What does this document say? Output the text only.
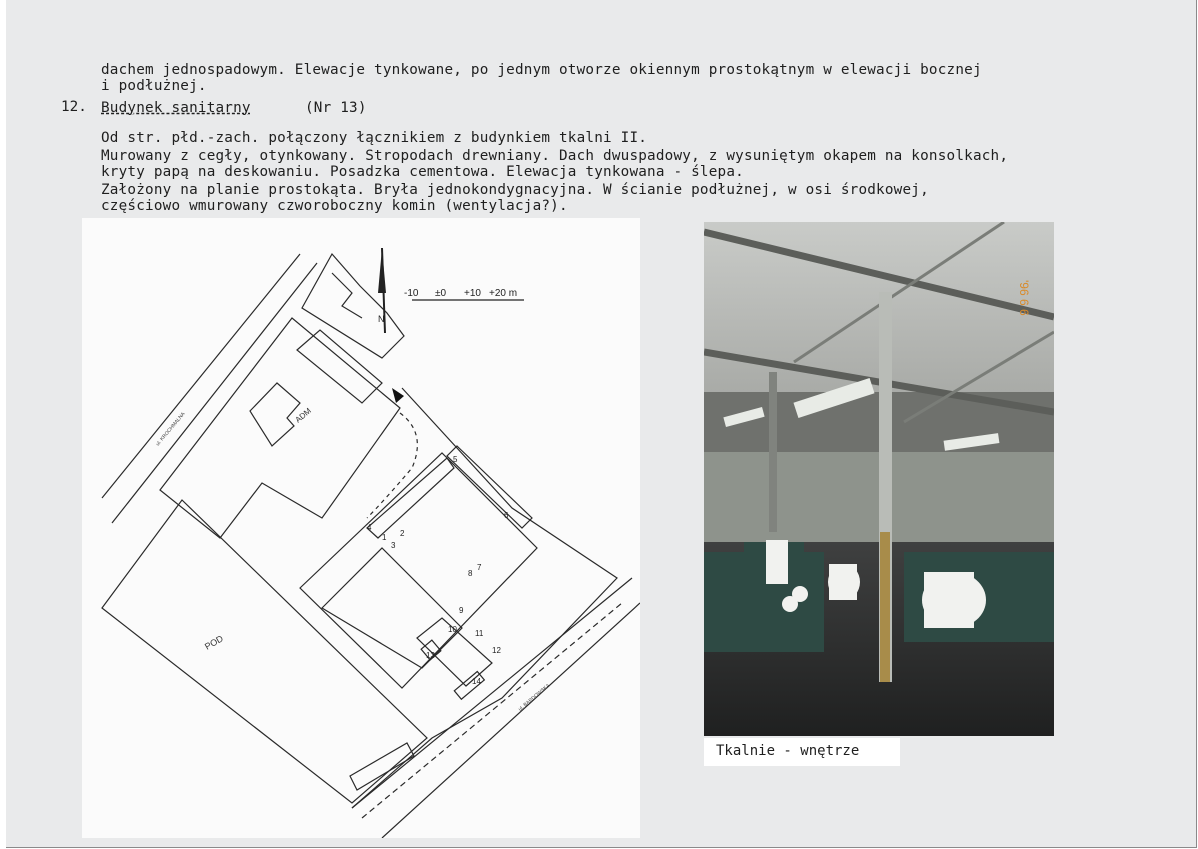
dachem jednospadowym. Elewacje tynkowane, po jednym otworze okiennym prostokątnym w elewacji bocznej
i podłużnej.
12. Budynek sanitarny	(Nr 13)
Od str. płd.-zach. połączony łącznikiem z budynkiem tkalni II.
Murowany z cegły, otynkowany. Stropodach drewniany. Dach dwuspadowy, z wysuniętym okapem na konsolkach,
kryty papą na deskowaniu. Posadzka cementowa. Elewacja tynkowana - ślepa.
Założony na planie prostokąta. Bryła jednokondygnacyjna. W ścianie podłużnej, w osi środkowej,
częściowo wmurowany czworoboczny komin (wentylacja?).
N
-10 ±0 +10 +20 m
ADM
POD
ul. KROCHMALNA
ul. BARDOWSKA
1 2
3
4
5
6
7
8
9
10 11
12
13
14
'96 6 6
Tkalnie - wnętrze
